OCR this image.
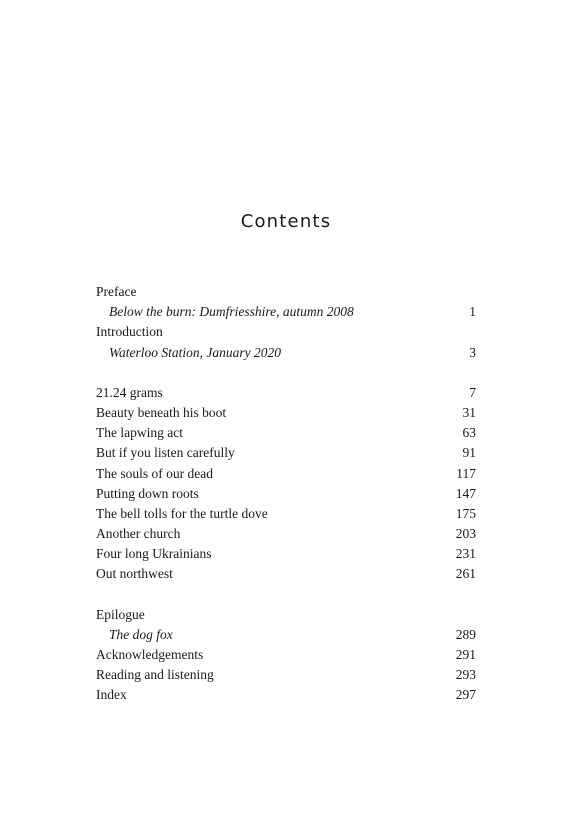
Contents
Preface
Below the burn: Dumfriesshire, autumn 2008	1
Introduction
Waterloo Station, January 2020	3
21.24 grams	7
Beauty beneath his boot	31
The lapwing act	63
But if you listen carefully	91
The souls of our dead	117
Putting down roots	147
The bell tolls for the turtle dove	175
Another church	203
Four long Ukrainians	231
Out northwest	261
Epilogue
The dog fox	289
Acknowledgements	291
Reading and listening	293
Index	297
